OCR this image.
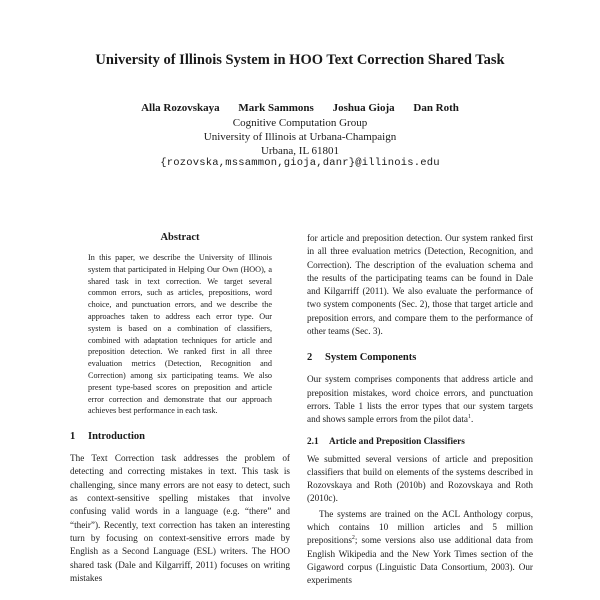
University of Illinois System in HOO Text Correction Shared Task
Alla Rozovskaya Mark Sammons Joshua Gioja Dan Roth
Cognitive Computation Group
University of Illinois at Urbana-Champaign
Urbana, IL 61801
{rozovska,mssammon,gioja,danr}@illinois.edu
Abstract

In this paper, we describe the University of Illinois system that participated in Helping Our Own (HOO), a shared task in text correction. We target several common errors, such as articles, prepositions, word choice, and punctuation errors, and we describe the approaches taken to address each error type. Our system is based on a combination of classifiers, combined with adaptation techniques for article and preposition detection. We ranked first in all three evaluation metrics (Detection, Recognition and Correction) among six participating teams. We also present type-based scores on preposition and article error correction and demonstrate that our approach achieves best performance in each task.

1 Introduction

The Text Correction task addresses the problem of detecting and correcting mistakes in text. This task is challenging, since many errors are not easy to detect, such as context-sensitive spelling mistakes that involve confusing valid words in a language (e.g. “there” and “their”). Recently, text correction has taken an interesting turn by focusing on context-sensitive errors made by English as a Second Language (ESL) writers. The HOO shared task (Dale and Kilgarriff, 2011) focuses on writing mistakes

for article and preposition detection. Our system ranked first in all three evaluation metrics (Detection, Recognition, and Correction). The description of the evaluation schema and the results of the participating teams can be found in Dale and Kilgarriff (2011). We also evaluate the performance of two system components (Sec. 2), those that target article and preposition errors, and compare them to the performance of other teams (Sec. 3).

2 System Components

Our system comprises components that address article and preposition mistakes, word choice errors, and punctuation errors. Table 1 lists the error types that our system targets and shows sample errors from the pilot data$^1$.

2.1 Article and Preposition Classifiers

We submitted several versions of article and preposition classifiers that build on elements of the systems described in Rozovskaya and Roth (2010b) and Rozovskaya and Roth (2010c).

The systems are trained on the ACL Anthology corpus, which contains 10 million articles and 5 million prepositions$^2$; some versions also use additional data from English Wikipedia and the New York Times section of the Gigaword corpus (Linguistic Data Consortium, 2003). Our experiments
